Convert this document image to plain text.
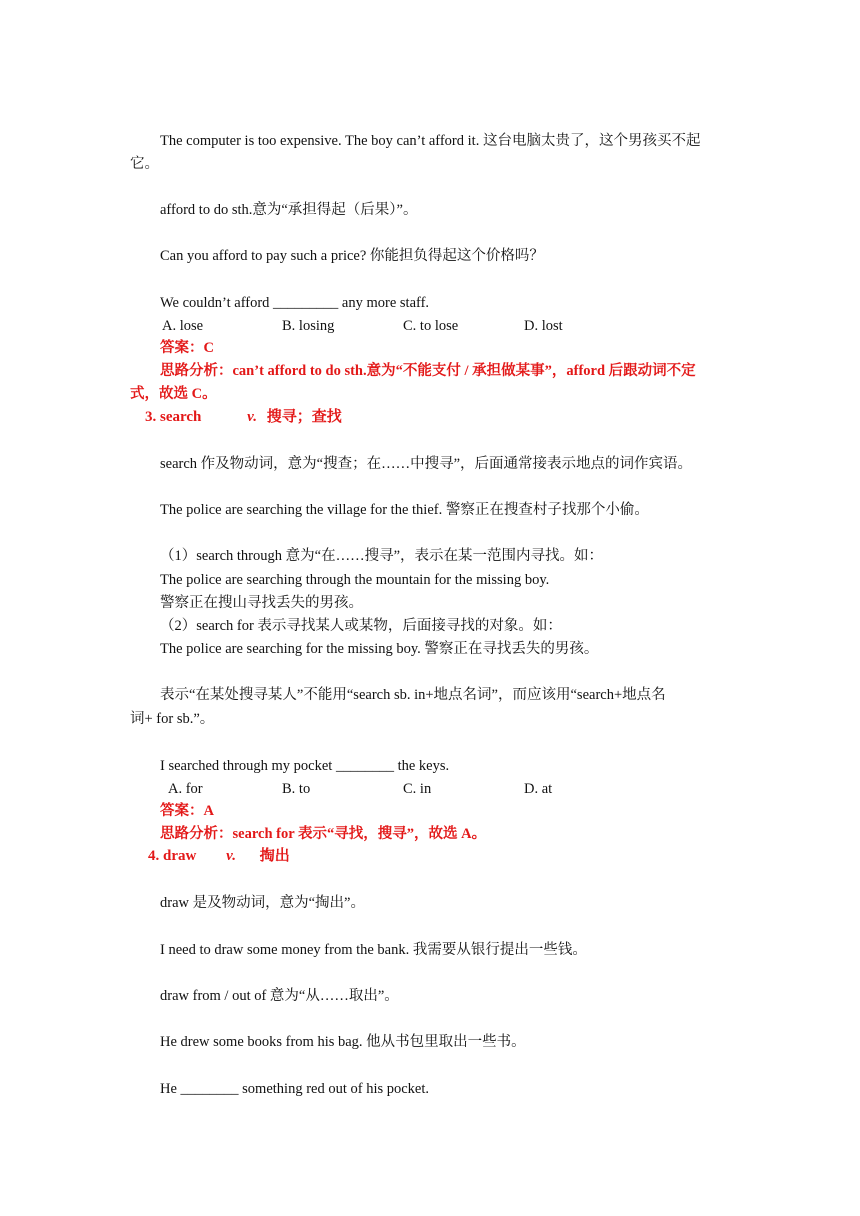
The computer is too expensive. The boy can’t afford it. 这台电脑太贵了，这个男孩买不起
它。
afford to do sth.意为“承担得起（后果）”。
Can you afford to pay such a price? 你能担负得起这个价格吗？
We couldn’t afford _________ any more staff.
A. lose	B. losing	C. to lose	D. lost
答案：C
思路分析：can’t afford to do sth.意为“不能支付 / 承担做某事”，afford 后跟动词不定
式，故选 C。
3. search	v. 搜寻；查找
search 作及物动词，意为“搜查；在……中搜寻”，后面通常接表示地点的词作宾语。
The police are searching the village for the thief. 警察正在搜查村子找那个小偷。
（1）search through 意为“在……搜寻”，表示在某一范围内寻找。如：
The police are searching through the mountain for the missing boy.
警察正在搜山寻找丢失的男孩。
（2）search for 表示寻找某人或某物，后面接寻找的对象。如：
The police are searching for the missing boy. 警察正在寻找丢失的男孩。
表示“在某处搜寻某人”不能用“search sb. in+地点名词”，而应该用“search+地点名
词+ for sb.”。
I searched through my pocket ________ the keys.
A. for	B. to	C. in	D. at
答案：A
思路分析：search for 表示“寻找，搜寻”，故选 A。
4. draw v. 掏出
draw 是及物动词，意为“掏出”。
I need to draw some money from the bank. 我需要从银行提出一些钱。
draw from / out of 意为“从……取出”。
He drew some books from his bag. 他从书包里取出一些书。
He ________ something red out of his pocket.
